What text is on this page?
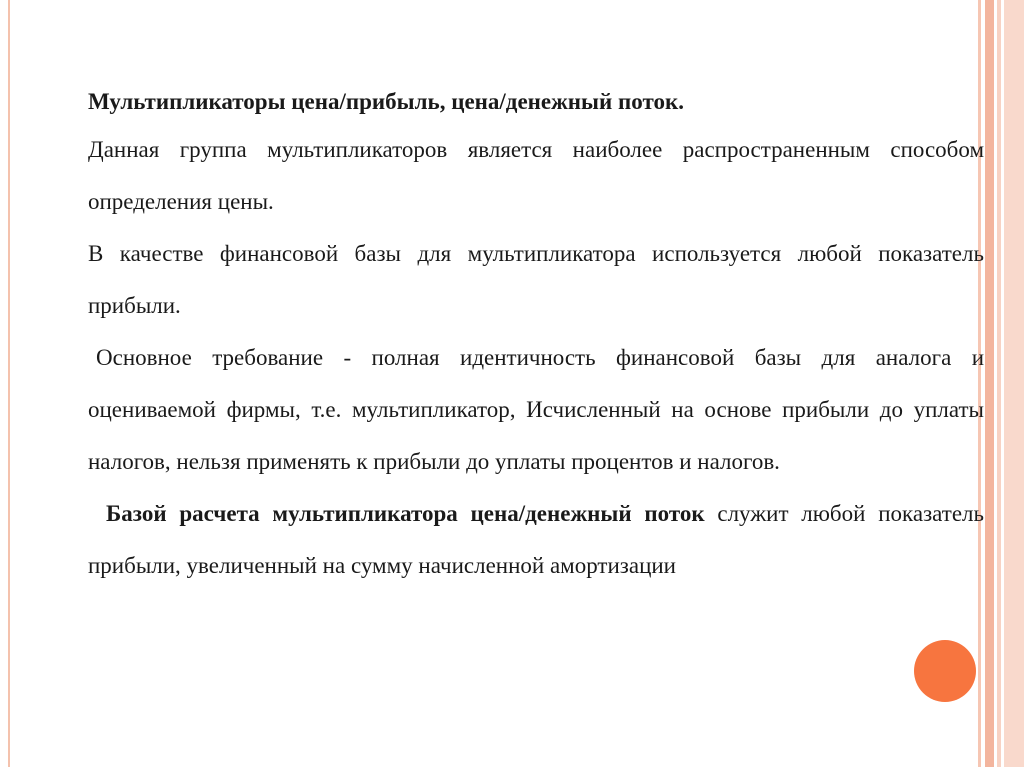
Мультипликаторы цена/прибыль, цена/денежный поток.

Данная группа мультипликаторов является наиболее распространенным способом определения цены.

В качестве финансовой базы для мультипликатора используется любой показатель прибыли.

Основное требование - полная идентичность финансовой базы для аналога и оцениваемой фирмы, т.е. мультипликатор, Исчисленный на основе прибыли до уплаты налогов, нельзя применять к прибыли до уплаты процентов и налогов.

Базой расчета мультипликатора цена/денежный поток служит любой показатель прибыли, увеличенный на сумму начисленной амортизации
